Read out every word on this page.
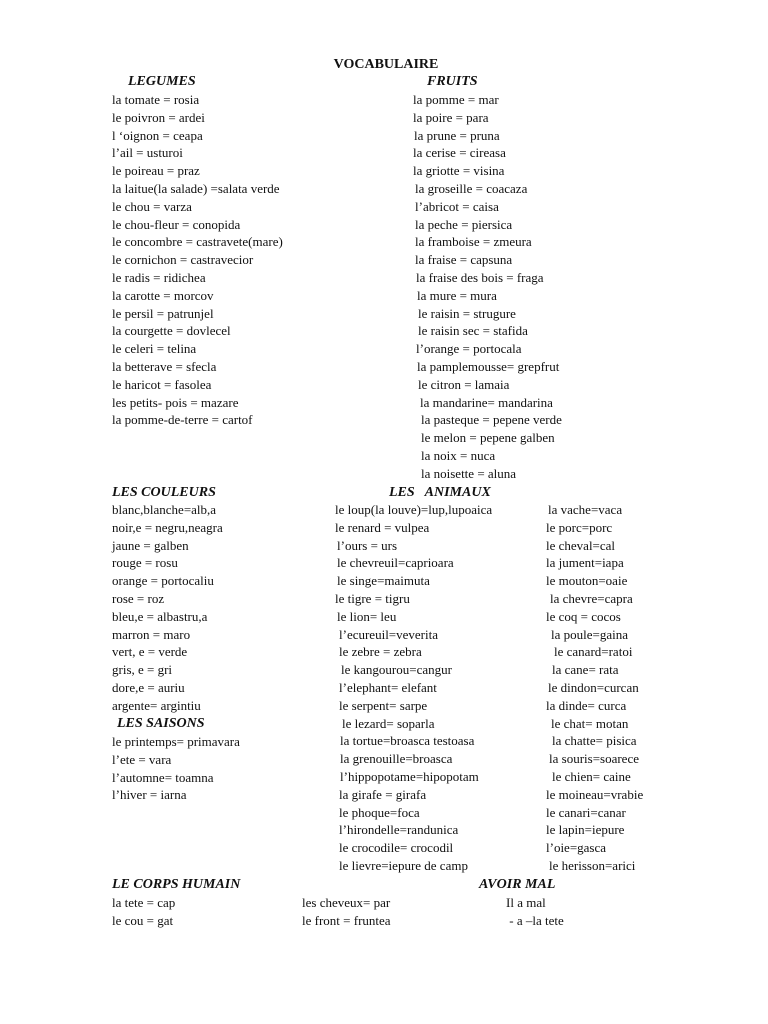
VOCABULAIRE
LEGUMES
la tomate = rosia
le poivron = ardei
l ‘oignon = ceapa
l’ail = usturoi
le poireau = praz
la laitue(la salade) =salata verde
le chou = varza
le chou-fleur = conopida
le concombre = castravete(mare)
le cornichon = castravecior
le radis = ridichea
la carotte = morcov
le persil = patrunjel
la courgette = dovlecel
le celeri = telina
la betterave = sfecla
le haricot = fasolea
les petits- pois = mazare
la pomme-de-terre = cartof
FRUITS
la pomme = mar
la poire = para
la prune = pruna
la cerise = cireasa
la griotte = visina
la groseille = coacaza
l’abricot = caisa
la peche = piersica
la framboise = zmeura
la fraise = capsuna
la fraise des bois = fraga
la mure = mura
le raisin = strugure
le raisin sec = stafida
l’orange = portocala
la pamplemousse= grepfrut
le citron = lamaia
la mandarine= mandarina
la pasteque = pepene verde
le melon = pepene galben
la noix = nuca
la noisette = aluna
LES COULEURS
blanc,blanche=alb,a
noir,e = negru,neagra
jaune = galben
rouge = rosu
orange = portocaliu
rose = roz
bleu,e = albastru,a
marron = maro
vert, e = verde
gris, e = gri
dore,e = auriu
argente= argintiu
LES SAISONS
le printemps= primavara
l’ete = vara
l’automne= toamna
l’hiver = iarna
LES   ANIMAUX
le loup(la louve)=lup,lupoaica
le renard = vulpea
l’ours = urs
le chevreuil=caprioara
le singe=maimuta
le tigre = tigru
le lion= leu
l’ecureuil=veverita
le zebre = zebra
le kangourou=cangur
l’elephant= elefant
le serpent= sarpe
le lezard= soparla
la tortue=broasca testoasa
la grenouille=broasca
l’hippopotame=hipopotam
la girafe = girafa
le phoque=foca
l’hirondelle=randunica
le crocodile= crocodil
le lievre=iepure de camp
la vache=vaca
le porc=porc
le cheval=cal
la jument=iapa
le mouton=oaie
la chevre=capra
le coq = cocos
la poule=gaina
le canard=ratoi
la cane= rata
le dindon=curcan
la dinde= curca
le chat= motan
la chatte= pisica
la souris=soarece
le chien= caine
le moineau=vrabie
le canari=canar
le lapin=iepure
l’oie=gasca
le herisson=arici
LE CORPS HUMAIN
la tete = cap
le cou = gat
les cheveux= par
le front = fruntea
AVOIR MAL
Il a mal
- a –la tete
